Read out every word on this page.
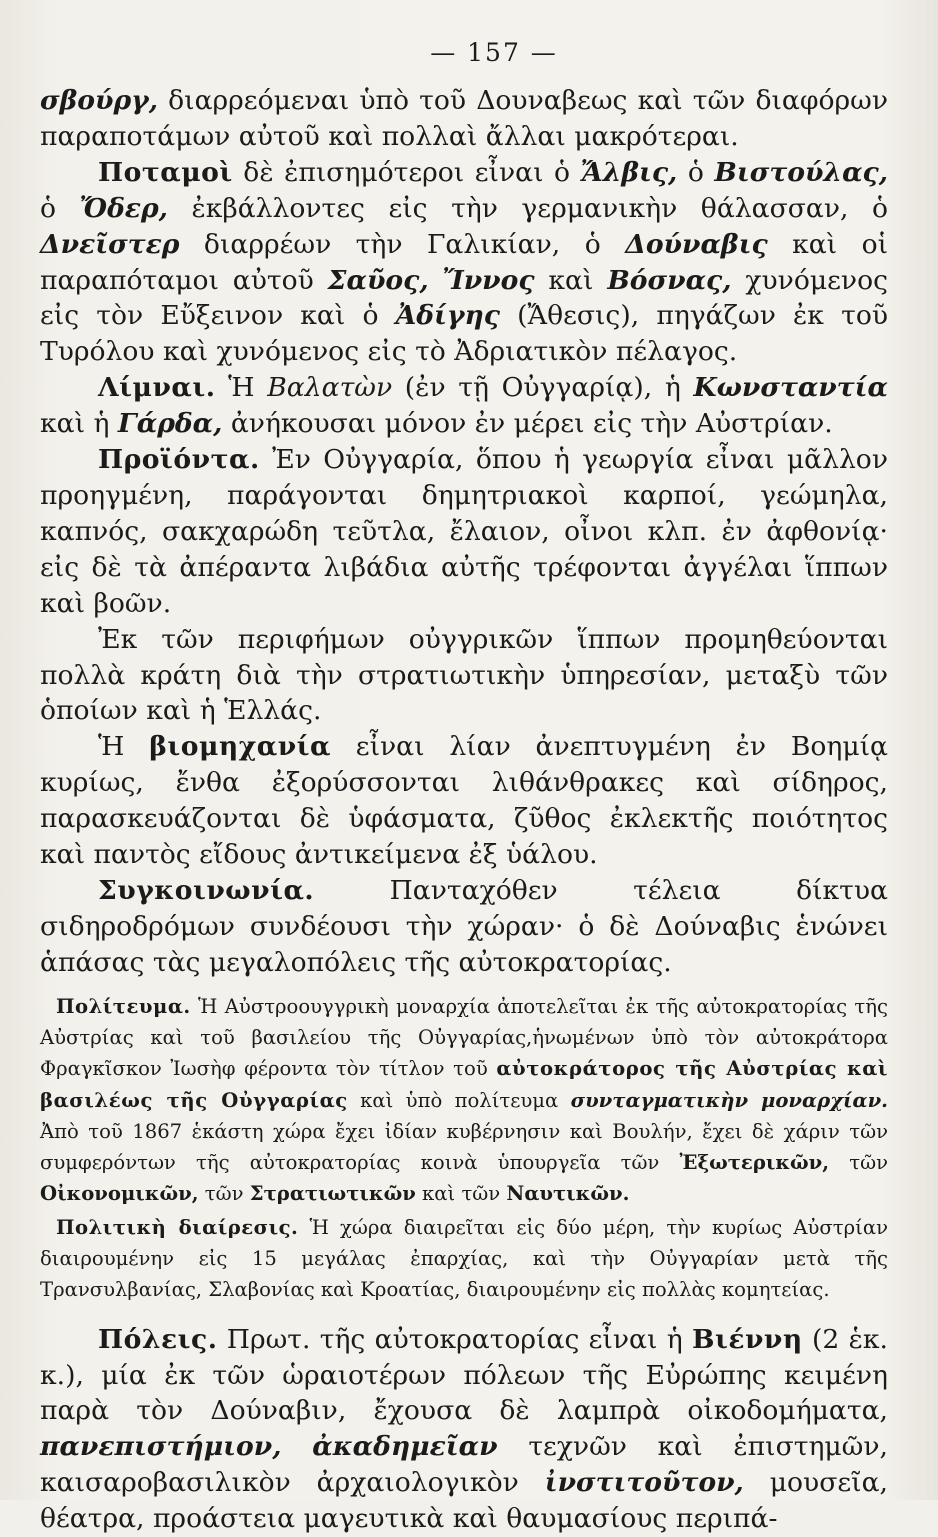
— 157 —

σβούργ, διαρρεόμεναι ὑπὸ τοῦ Δουναβεως καὶ τῶν διαφόρων παραποτάμων αὐτοῦ καὶ πολλαὶ ἄλλαι μακρότεραι.

Ποταμοὶ δὲ ἐπισημότεροι εἶναι ὁ Ἄλβις, ὁ Βιστούλας, ὁ Ὄδερ, ἐκβάλλοντες εἰς τὴν γερμανικὴν θάλασσαν, ὁ Δνεῖστερ διαρρέων τὴν Γαλικίαν, ὁ Δούναβις καὶ οἱ παραπόταμοι αὐτοῦ Σαῦος, Ἴννος καὶ Βόσνας, χυνόμενος εἰς τὸν Εὔξεινον καὶ ὁ Ἀδίγης (Ἄθεσις), πηγάζων ἐκ τοῦ Τυρόλου καὶ χυνόμενος εἰς τὸ Ἀδριατικὸν πέλαγος.

Λίμναι. Ἡ Βαλατὼν (ἐν τῇ Οὐγγαρίᾳ), ἡ Κωνσταντία καὶ ἡ Γάρδα, ἀνήκουσαι μόνον ἐν μέρει εἰς τὴν Αὐστρίαν.

Προϊόντα. Ἐν Οὐγγαρία, ὅπου ἡ γεωργία εἶναι μᾶλλον προηγμένη, παράγονται δημητριακοὶ καρποί, γεώμηλα, καπνός, σακχαρώδη τεῦτλα, ἔλαιον, οἶνοι κλπ. ἐν ἀφθονίᾳ· εἰς δὲ τὰ ἀπέραντα λιβάδια αὐτῆς τρέφονται ἀγγέλαι ἵππων καὶ βοῶν.

Ἐκ τῶν περιφήμων οὐγγρικῶν ἵππων προμηθεύονται πολλὰ κράτη διὰ τὴν στρατιωτικὴν ὑπηρεσίαν, μεταξὺ τῶν ὁποίων καὶ ἡ Ἑλλάς.

Ἡ βιομηχανία εἶναι λίαν ἀνεπτυγμένη ἐν Βοημίᾳ κυρίως, ἔνθα ἐξορύσσονται λιθάνθρακες καὶ σίδηρος, παρασκευάζονται δὲ ὑφάσματα, ζῦθος ἐκλεκτῆς ποιότητος καὶ παντὸς εἴδους ἀντικείμενα ἐξ ὑάλου.

Συγκοινωνία. Πανταχόθεν τέλεια δίκτυα σιδηροδρόμων συνδέουσι τὴν χώραν· ὁ δὲ Δούναβις ἑνώνει ἁπάσας τὰς μεγαλοπόλεις τῆς αὐτοκρατορίας.

Πολίτευμα. Ἡ Αὐστροουγγρικὴ μοναρχία ἀποτελεῖται ἐκ τῆς αὐτοκρατορίας τῆς Αὐστρίας καὶ τοῦ βασιλείου τῆς Οὐγγαρίας,ἡνωμένων ὑπὸ τὸν αὐτοκράτορα Φραγκῖσκον Ἰωσὴφ φέροντα τὸν τίτλον τοῦ αὐτοκράτορος τῆς Αὐστρίας καὶ βασιλέως τῆς Οὐγγαρίας καὶ ὑπὸ πολίτευμα συνταγματικὴν μοναρχίαν. Ἀπὸ τοῦ 1867 ἑκάστη χώρα ἔχει ἰδίαν κυβέρνησιν καὶ Βουλήν, ἔχει δὲ χάριν τῶν συμφερόντων τῆς αὐτοκρατορίας κοινὰ ὑπουργεῖα τῶν Ἐξωτερικῶν, τῶν Οἰκονομικῶν, τῶν Στρατιωτικῶν καὶ τῶν Ναυτικῶν.

Πολιτικὴ διαίρεσις. Ἡ χώρα διαιρεῖται εἰς δύο μέρη, τὴν κυρίως Αὐστρίαν διαιρουμένην εἰς 15 μεγάλας ἐπαρχίας, καὶ τὴν Οὐγγαρίαν μετὰ τῆς Τρανσυλβανίας, Σλαβονίας καὶ Κροατίας, διαιρουμένην εἰς πολλὰς κομητείας.

Πόλεις. Πρωτ. τῆς αὐτοκρατορίας εἶναι ἡ Βιέννη (2 ἑκ. κ.), μία ἐκ τῶν ὡραιοτέρων πόλεων τῆς Εὐρώπης κειμένη παρὰ τὸν Δούναβιν, ἔχουσα δὲ λαμπρὰ οἰκοδομήματα, πανεπιστήμιον, ἀκαδημεῖαν τεχνῶν καὶ ἐπιστημῶν, καισαροβασιλικὸν ἀρχαιολογικὸν ἰνστιτοῦτον, μουσεῖα, θέατρα, προάστεια μαγευτικὰ καὶ θαυμασίους περιπά-
